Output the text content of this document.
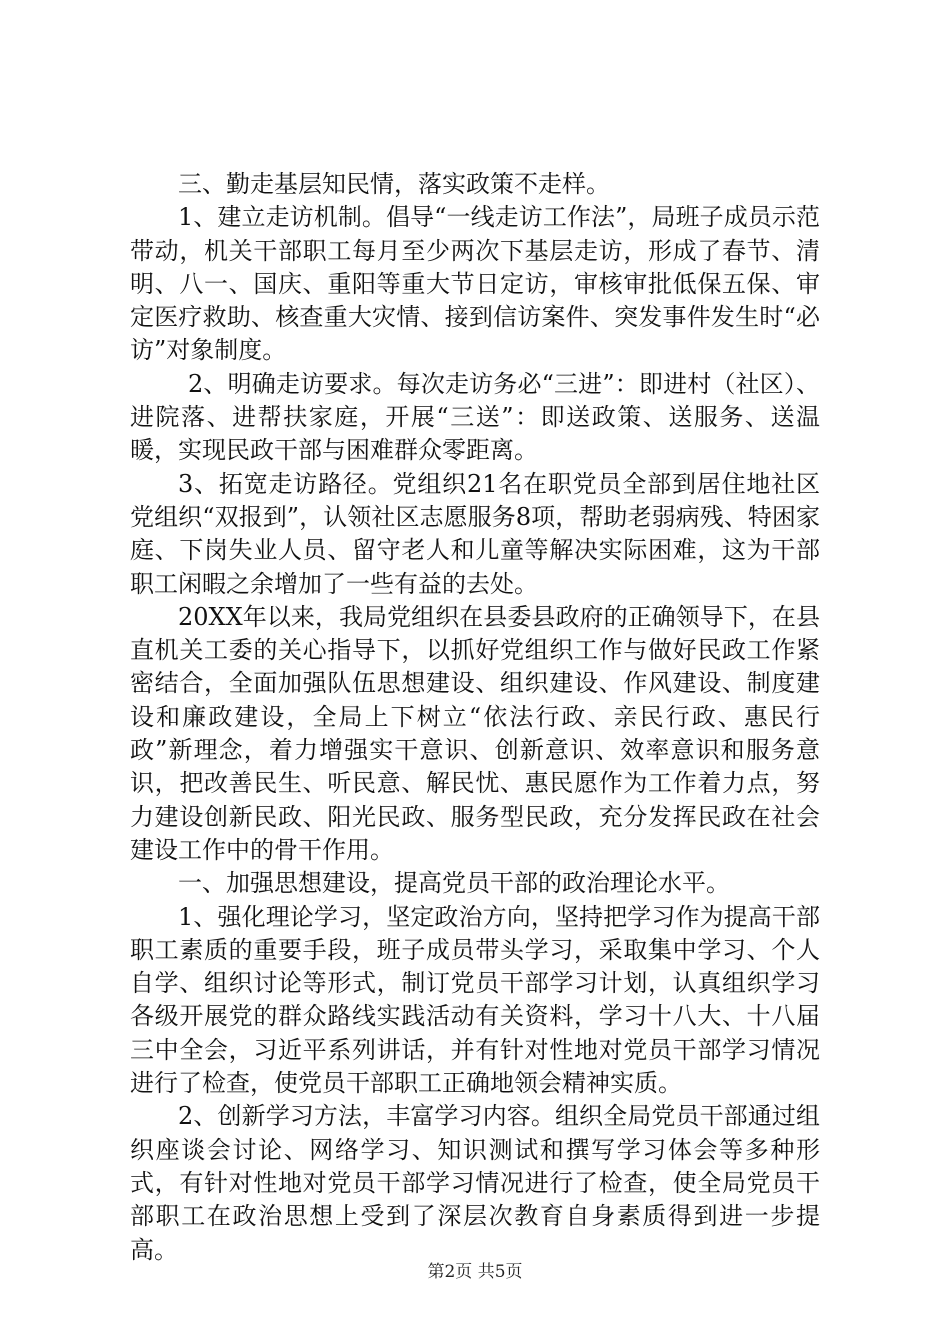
三、勤走基层知民情，落实政策不走样。

1、建立走访机制。倡导“一线走访工作法”，局班子成员示范带动，机关干部职工每月至少两次下基层走访，形成了春节、清明、八一、国庆、重阳等重大节日定访，审核审批低保五保、审定医疗救助、核查重大灾情、接到信访案件、突发事件发生时“必访”对象制度。

2、明确走访要求。每次走访务必“三进”：即进村（社区）、进院落、进帮扶家庭，开展“三送”：即送政策、送服务、送温暖，实现民政干部与困难群众零距离。

3、拓宽走访路径。党组织21名在职党员全部到居住地社区党组织“双报到”，认领社区志愿服务8项，帮助老弱病残、特困家庭、下岗失业人员、留守老人和儿童等解决实际困难，这为干部职工闲暇之余增加了一些有益的去处。

20XX年以来，我局党组织在县委县政府的正确领导下，在县直机关工委的关心指导下，以抓好党组织工作与做好民政工作紧密结合，全面加强队伍思想建设、组织建设、作风建设、制度建设和廉政建设，全局上下树立“依法行政、亲民行政、惠民行政”新理念，着力增强实干意识、创新意识、效率意识和服务意识，把改善民生、听民意、解民忧、惠民愿作为工作着力点，努力建设创新民政、阳光民政、服务型民政，充分发挥民政在社会建设工作中的骨干作用。

一、加强思想建设，提高党员干部的政治理论水平。

1、强化理论学习，坚定政治方向，坚持把学习作为提高干部职工素质的重要手段，班子成员带头学习，采取集中学习、个人自学、组织讨论等形式，制订党员干部学习计划，认真组织学习各级开展党的群众路线实践活动有关资料，学习十八大、十八届三中全会，习近平系列讲话，并有针对性地对党员干部学习情况进行了检查，使党员干部职工正确地领会精神实质。

2、创新学习方法，丰富学习内容。组织全局党员干部通过组织座谈会讨论、网络学习、知识测试和撰写学习体会等多种形式，有针对性地对党员干部学习情况进行了检查，使全局党员干部职工在政治思想上受到了深层次教育自身素质得到进一步提高。

第2页 共5页
